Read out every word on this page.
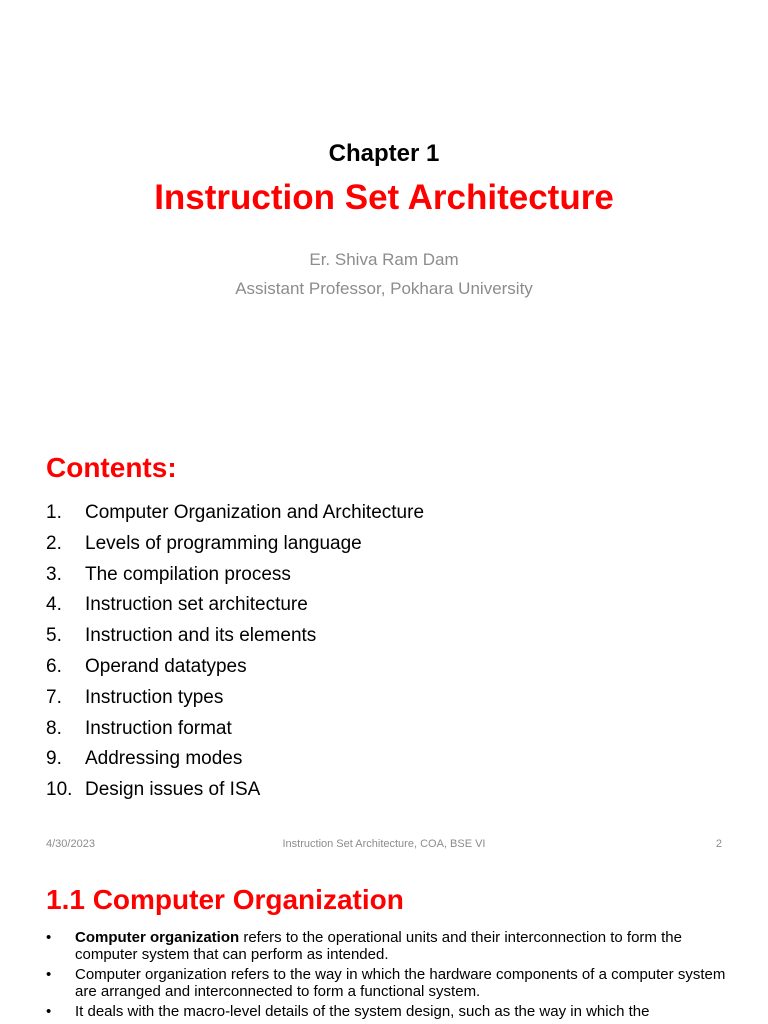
Chapter 1
Instruction Set Architecture
Er. Shiva Ram Dam
Assistant Professor, Pokhara University
Contents:
1. Computer Organization and Architecture
2. Levels of programming language
3. The compilation process
4. Instruction set architecture
5. Instruction and its elements
6. Operand datatypes
7. Instruction types
8. Instruction format
9. Addressing modes
10. Design issues of ISA
4/30/2023	Instruction Set Architecture, COA, BSE VI	2
1.1 Computer Organization
• Computer organization refers to the operational units and their interconnection to form the computer system that can perform as intended.
• Computer organization refers to the way in which the hardware components of a computer system are arranged and interconnected to form a functional system.
• It deals with the macro-level details of the system design, such as the way in which the
